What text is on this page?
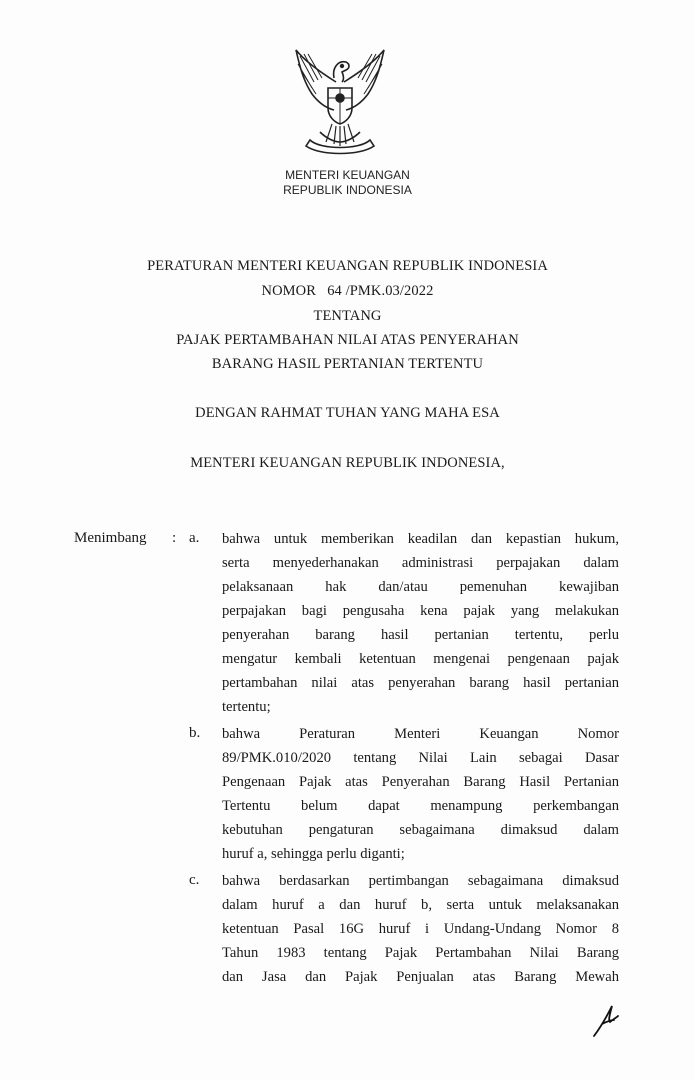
MENTERI KEUANGAN
REPUBLIK INDONESIA
PERATURAN MENTERI KEUANGAN REPUBLIK INDONESIA
NOMOR 64 /PMK.03/2022
TENTANG
PAJAK PERTAMBAHAN NILAI ATAS PENYERAHAN
BARANG HASIL PERTANIAN TERTENTU
DENGAN RAHMAT TUHAN YANG MAHA ESA
MENTERI KEUANGAN REPUBLIK INDONESIA,
Menimbang : a. bahwa untuk memberikan keadilan dan kepastian hukum,
serta menyederhanakan administrasi perpajakan dalam
pelaksanaan hak dan/atau pemenuhan kewajiban
perpajakan bagi pengusaha kena pajak yang melakukan
penyerahan barang hasil pertanian tertentu, perlu
mengatur kembali ketentuan mengenai pengenaan pajak
pertambahan nilai atas penyerahan barang hasil pertanian
tertentu;
b. bahwa Peraturan Menteri Keuangan Nomor
89/PMK.010/2020 tentang Nilai Lain sebagai Dasar
Pengenaan Pajak atas Penyerahan Barang Hasil Pertanian
Tertentu belum dapat menampung perkembangan
kebutuhan pengaturan sebagaimana dimaksud dalam
huruf a, sehingga perlu diganti;
c. bahwa berdasarkan pertimbangan sebagaimana dimaksud
dalam huruf a dan huruf b, serta untuk melaksanakan
ketentuan Pasal 16G huruf i Undang-Undang Nomor 8
Tahun 1983 tentang Pajak Pertambahan Nilai Barang
dan Jasa dan Pajak Penjualan atas Barang Mewah
